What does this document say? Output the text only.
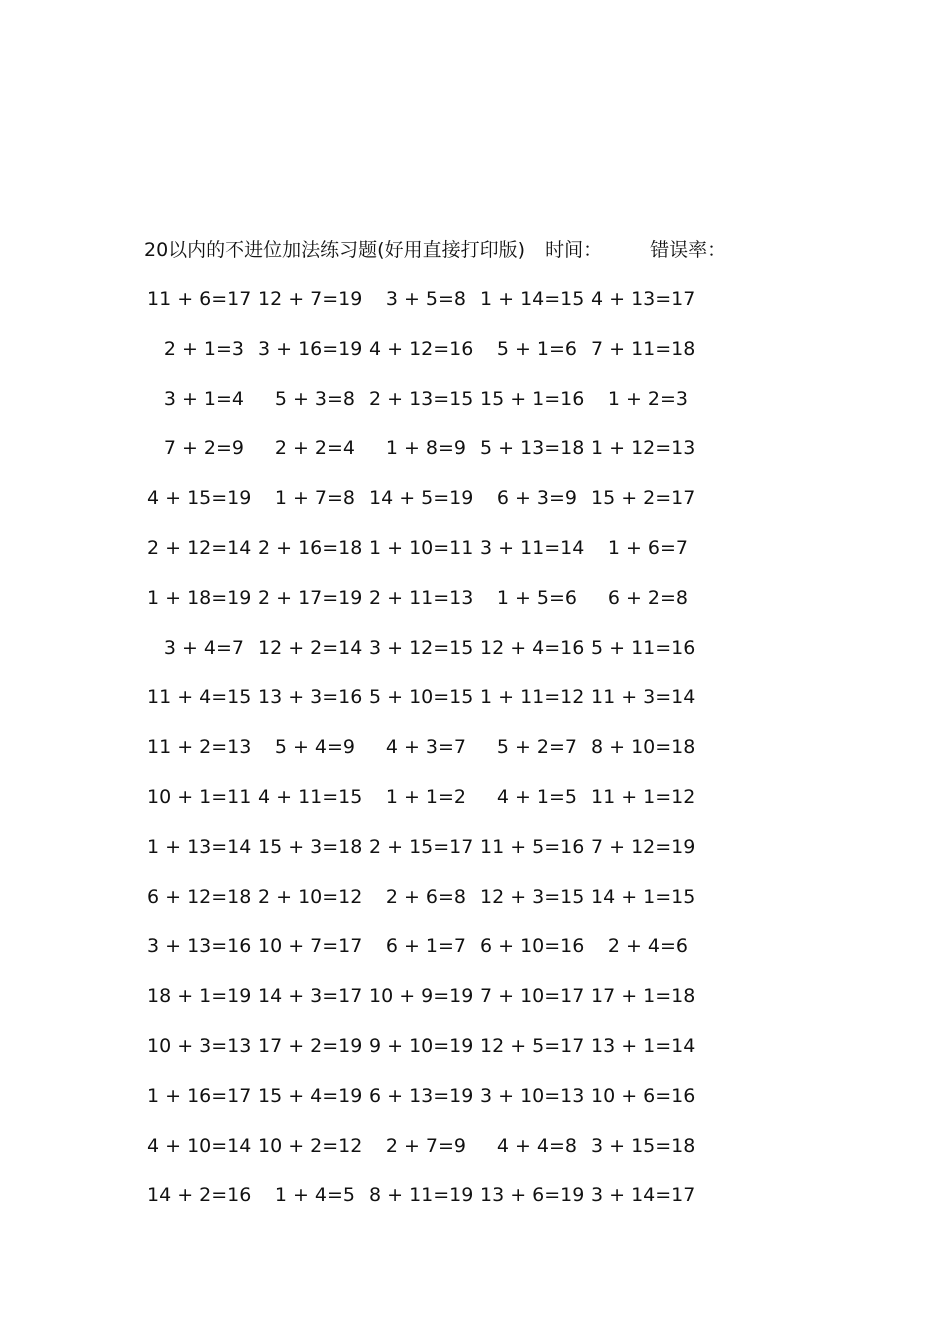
20以内的不进位加法练习题(好用直接打印版) 时间：	错误率：
11 + 6=17 12 + 7=19	3 + 5=8 1 + 14=15 4 + 13=17
2 + 1=3 3 + 16=19 4 + 12=16	5 + 1=6 7 + 11=18
3 + 1=4	5 + 3=8 2 + 13=15 15 + 1=16	1 + 2=3
7 + 2=9	2 + 2=4	1 + 8=9 5 + 13=18 1 + 12=13
4 + 15=19	1 + 7=8 14 + 5=19	6 + 3=9 15 + 2=17
2 + 12=14 2 + 16=18 1 + 10=11 3 + 11=14	1 + 6=7
1 + 18=19 2 + 17=19 2 + 11=13	1 + 5=6	6 + 2=8
3 + 4=7 12 + 2=14 3 + 12=15 12 + 4=16 5 + 11=16
11 + 4=15 13 + 3=16 5 + 10=15 1 + 11=12 11 + 3=14
11 + 2=13	5 + 4=9	4 + 3=7	5 + 2=7 8 + 10=18
10 + 1=11 4 + 11=15	1 + 1=2	4 + 1=5 11 + 1=12
1 + 13=14 15 + 3=18 2 + 15=17 11 + 5=16 7 + 12=19
6 + 12=18 2 + 10=12	2 + 6=8 12 + 3=15 14 + 1=15
3 + 13=16 10 + 7=17	6 + 1=7 6 + 10=16	2 + 4=6
18 + 1=19 14 + 3=17 10 + 9=19 7 + 10=17 17 + 1=18
10 + 3=13 17 + 2=19 9 + 10=19 12 + 5=17 13 + 1=14
1 + 16=17 15 + 4=19 6 + 13=19 3 + 10=13 10 + 6=16
4 + 10=14 10 + 2=12	2 + 7=9	4 + 4=8 3 + 15=18
14 + 2=16	1 + 4=5 8 + 11=19 13 + 6=19 3 + 14=17
